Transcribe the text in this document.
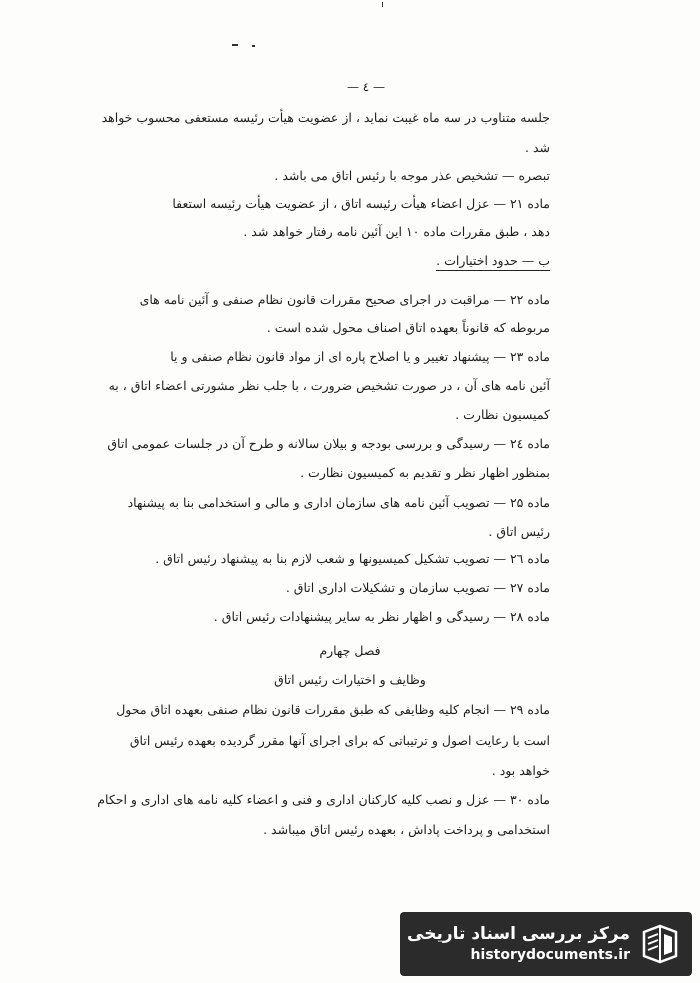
— ٤ —
جلسه متناوب در سه ماه غیبت نماید ، از عضویت هیأت رئیسه مستعفی محسوب خواهد
شد .
تبصره — تشخیص عذر موجه با رئیس اتاق می باشد .
ماده ۲۱ — عزل اعضاء هیأت رئیسه اتاق ، از عضویت هیأت رئیسه استعفا
دهد ، طبق مقررات ماده ۱۰ این آئین نامه رفتار خواهد شد .
ب — حدود اختیارات .
ماده ۲۲ — مراقبت در اجرای صحیح مقررات قانون نظام صنفی و آئین نامه های
مربوطه که قانوناً بعهده اتاق اصناف محول شده است .
ماده ۲۳ — پیشنهاد تغییر و یا اصلاح پاره ای از مواد قانون نظام صنفی و یا
آئین نامه های آن ، در صورت تشخیص ضرورت ، با جلب نظر مشورتی اعضاء اتاق ، به
کمیسیون نظارت .
ماده ۲٤ — رسیدگی و بررسی بودجه و بیلان سالانه و طرح آن در جلسات عمومی اتاق
بمنظور اظهار نظر و تقدیم به کمیسیون نظارت .
ماده ۲۵ — تصویب آئین نامه های سازمان اداری و مالی و استخدامی بنا به پیشنهاد
رئیس اتاق .
ماده ۲٦ — تصویب تشکیل کمیسیونها و شعب لازم بنا به پیشنهاد رئیس اتاق .
ماده ۲۷ — تصویب سازمان و تشکیلات اداری اتاق .
ماده ۲۸ — رسیدگی و اظهار نظر به سایر پیشنهادات رئیس اتاق .
فصل چهارم
وظایف و اختیارات رئیس اتاق
ماده ۲۹ — انجام کلیه وظایفی که طبق مقررات قانون نظام صنفی بعهده اتاق محول
است با رعایت اصول و ترتیباتی که برای اجرای آنها مقرر گردیده بعهده رئیس اتاق
خواهد بود .
ماده ۳۰ — عزل و نصب کلیه کارکنان اداری و فنی و اعضاء کلیه نامه های اداری و احکام
استخدامی و پرداخت پاداش ، بعهده رئیس اتاق میباشد .
مرکز بررسی اسناد تاریخی
historydocuments.ir
